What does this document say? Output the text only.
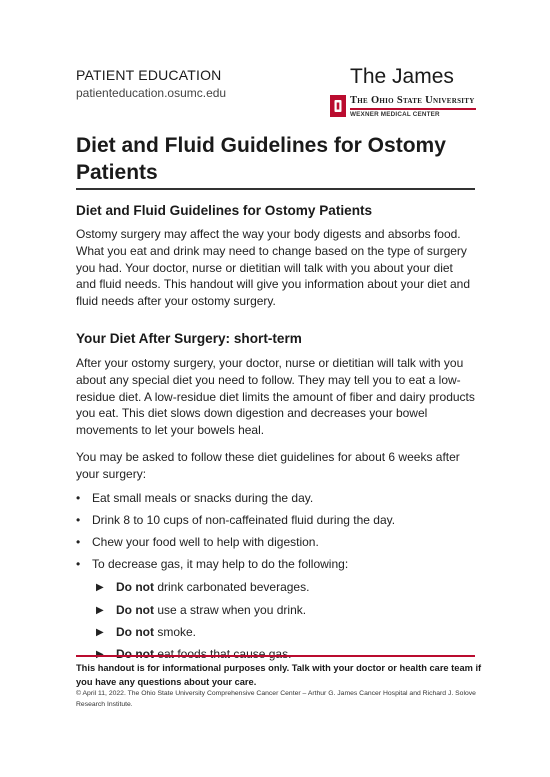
PATIENT EDUCATION
patienteducation.osumc.edu
The James
The Ohio State University
WEXNER MEDICAL CENTER
Diet and Fluid Guidelines for Ostomy Patients
Diet and Fluid Guidelines for Ostomy Patients

Ostomy surgery may affect the way your body digests and absorbs food. What you eat and drink may need to change based on the type of surgery you had. Your doctor, nurse or dietitian will talk with you about your diet and fluid needs. This handout will give you information about your diet and fluid needs after your ostomy surgery.

Your Diet After Surgery: short-term

After your ostomy surgery, your doctor, nurse or dietitian will talk with you about any special diet you need to follow. They may tell you to eat a low-residue diet. A low-residue diet limits the amount of fiber and dairy products you eat. This diet slows down digestion and decreases your bowel movements to let your bowels heal.

You may be asked to follow these diet guidelines for about 6 weeks after your surgery:

• Eat small meals or snacks during the day.
• Drink 8 to 10 cups of non-caffeinated fluid during the day.
• Chew your food well to help with digestion.
• To decrease gas, it may help to do the following:
▶ Do not drink carbonated beverages.
▶ Do not use a straw when you drink.
▶ Do not smoke.
This handout is for informational purposes only. Talk with your doctor or health care team if you have any questions about your care.
© April 11, 2022. The Ohio State University Comprehensive Cancer Center – Arthur G. James Cancer Hospital and Richard J. Solove Research Institute.
